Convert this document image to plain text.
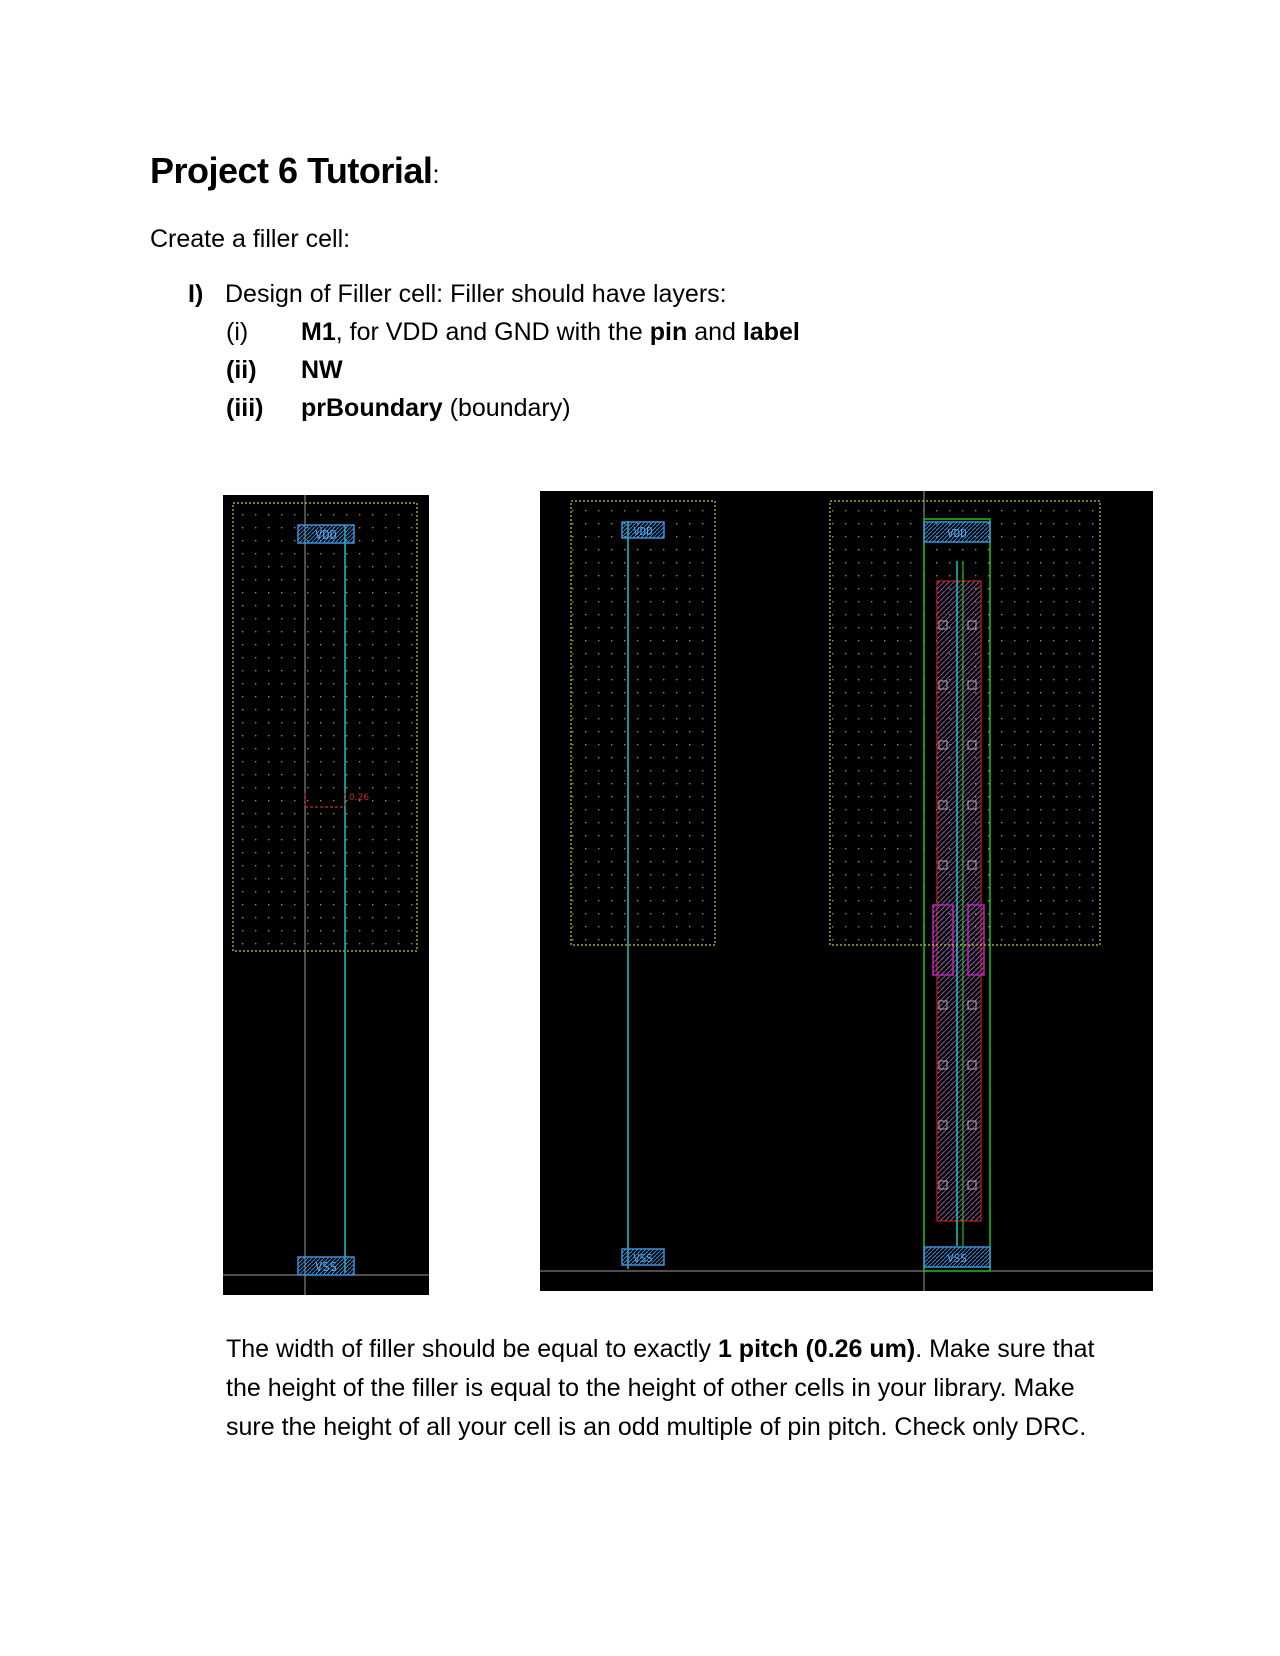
Project 6 Tutorial:
Create a filler cell:
I) Design of Filler cell: Filler should have layers:
(i) M1, for VDD and GND with the pin and label
(ii) NW
(iii) prBoundary (boundary)
VDD
VSS
0.26
VDD
VSS
VDD
VSS
The width of filler should be equal to exactly 1 pitch (0.26 um). Make sure that the height of the filler is equal to the height of other cells in your library. Make sure the height of all your cell is an odd multiple of pin pitch. Check only DRC.
